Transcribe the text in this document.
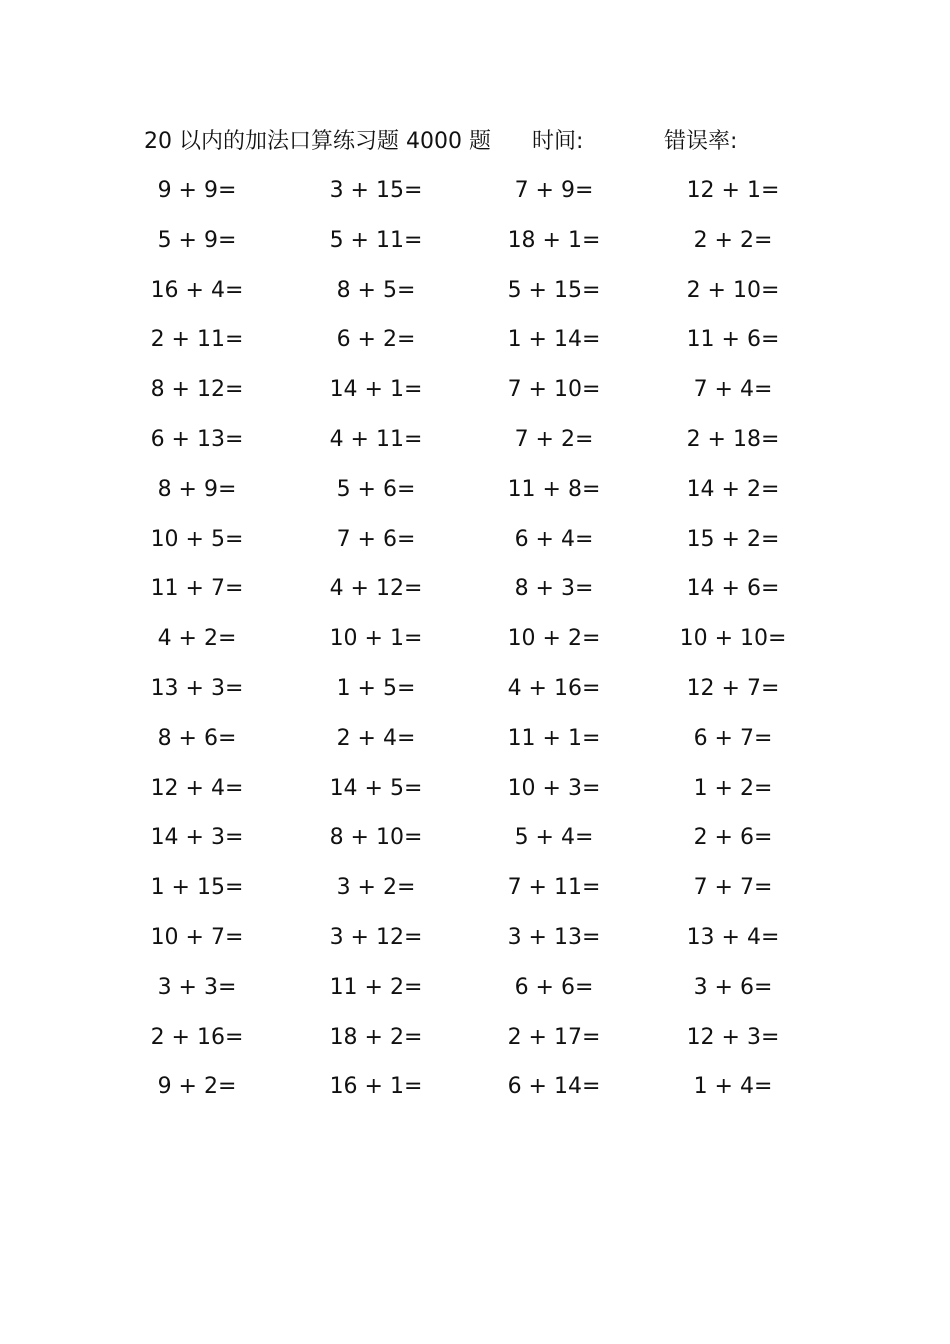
20 以内的加法口算练习题 4000 题 时间:	错误率:
9 + 9=	3 + 15=	7 + 9=	12 + 1=
5 + 9=	5 + 11=	18 + 1=	2 + 2=
16 + 4=	8 + 5=	5 + 15=	2 + 10=
2 + 11=	6 + 2=	1 + 14=	11 + 6=
8 + 12=	14 + 1=	7 + 10=	7 + 4=
6 + 13=	4 + 11=	7 + 2=	2 + 18=
8 + 9=	5 + 6=	11 + 8=	14 + 2=
10 + 5=	7 + 6=	6 + 4=	15 + 2=
11 + 7=	4 + 12=	8 + 3=	14 + 6=
4 + 2=	10 + 1=	10 + 2=	10 + 10=
13 + 3=	1 + 5=	4 + 16=	12 + 7=
8 + 6=	2 + 4=	11 + 1=	6 + 7=
12 + 4=	14 + 5=	10 + 3=	1 + 2=
14 + 3=	8 + 10=	5 + 4=	2 + 6=
1 + 15=	3 + 2=	7 + 11=	7 + 7=
10 + 7=	3 + 12=	3 + 13=	13 + 4=
3 + 3=	11 + 2=	6 + 6=	3 + 6=
2 + 16=	18 + 2=	2 + 17=	12 + 3=
9 + 2=	16 + 1=	6 + 14=	1 + 4=
